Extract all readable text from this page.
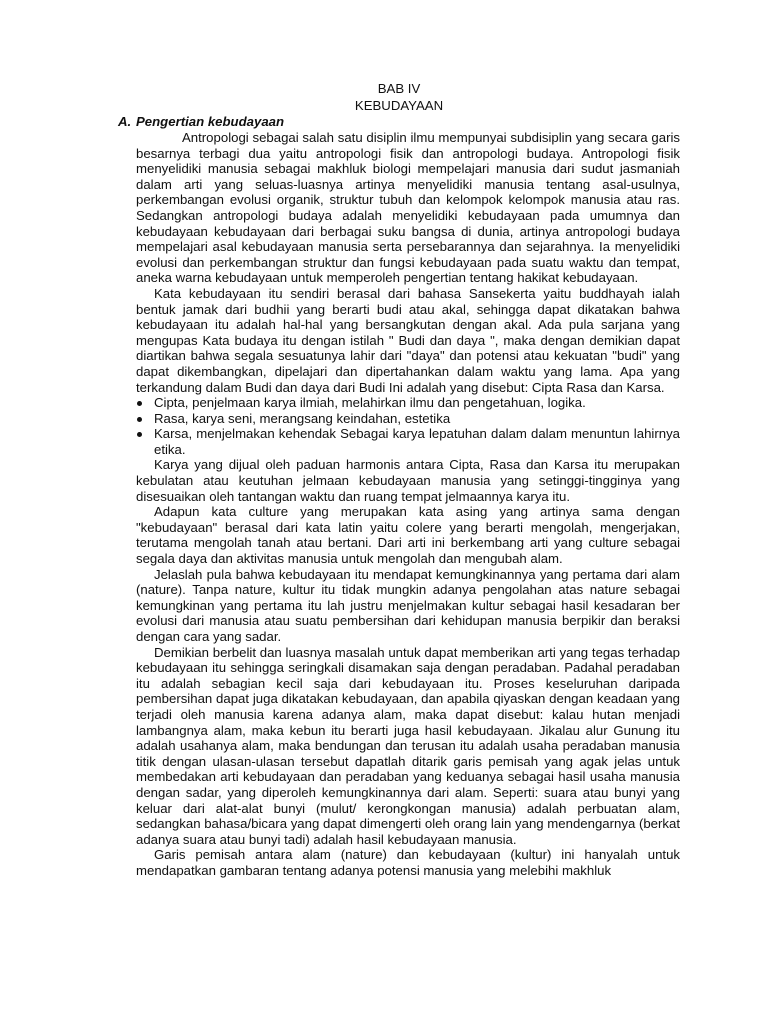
BAB IV

KEBUDAYAAN

A. Pengertian kebudayaan

Antropologi sebagai salah satu disiplin ilmu mempunyai subdisiplin yang secara garis besarnya terbagi dua yaitu antropologi fisik dan antropologi budaya. Antropologi fisik menyelidiki manusia sebagai makhluk biologi mempelajari manusia dari sudut jasmaniah dalam arti yang seluas-luasnya artinya menyelidiki manusia tentang asal-usulnya, perkembangan evolusi organik, struktur tubuh dan kelompok kelompok manusia atau ras. Sedangkan antropologi budaya adalah menyelidiki kebudayaan pada umumnya dan kebudayaan kebudayaan dari berbagai suku bangsa di dunia, artinya antropologi budaya mempelajari asal kebudayaan manusia serta persebarannya dan sejarahnya. Ia menyelidiki evolusi dan perkembangan struktur dan fungsi kebudayaan pada suatu waktu dan tempat, aneka warna kebudayaan untuk memperoleh pengertian tentang hakikat kebudayaan.

Kata kebudayaan itu sendiri berasal dari bahasa Sansekerta yaitu buddhayah ialah bentuk jamak dari budhii yang berarti budi atau akal, sehingga dapat dikatakan bahwa kebudayaan itu adalah hal-hal yang bersangkutan dengan akal. Ada pula sarjana yang mengupas Kata budaya itu dengan istilah " Budi dan daya ", maka dengan demikian dapat diartikan bahwa segala sesuatunya lahir dari "daya" dan potensi atau kekuatan "budi" yang dapat dikembangkan, dipelajari dan dipertahankan dalam waktu yang lama. Apa yang terkandung dalam Budi dan daya dari Budi Ini adalah yang disebut: Cipta Rasa dan Karsa.

Cipta, penjelmaan karya ilmiah, melahirkan ilmu dan pengetahuan, logika.
Rasa, karya seni, merangsang keindahan, estetika
Karsa, menjelmakan kehendak Sebagai karya lepatuhan dalam dalam menuntun lahirnya etika.

Karya yang dijual oleh paduan harmonis antara Cipta, Rasa dan Karsa itu merupakan kebulatan atau keutuhan jelmaan kebudayaan manusia yang setinggi-tingginya yang disesuaikan oleh tantangan waktu dan ruang tempat jelmaannya karya itu.

Adapun kata culture yang merupakan kata asing yang artinya sama dengan "kebudayaan" berasal dari kata latin yaitu colere yang berarti mengolah, mengerjakan, terutama mengolah tanah atau bertani. Dari arti ini berkembang arti yang culture sebagai segala daya dan aktivitas manusia untuk mengolah dan mengubah alam.

Jelaslah pula bahwa kebudayaan itu mendapat kemungkinannya yang pertama dari alam (nature). Tanpa nature, kultur itu tidak mungkin adanya pengolahan atas nature sebagai kemungkinan yang pertama itu lah justru menjelmakan kultur sebagai hasil kesadaran ber evolusi dari manusia atau suatu pembersihan dari kehidupan manusia berpikir dan beraksi dengan cara yang sadar.

Demikian berbelit dan luasnya masalah untuk dapat memberikan arti yang tegas terhadap kebudayaan itu sehingga seringkali disamakan saja dengan peradaban. Padahal peradaban itu adalah sebagian kecil saja dari kebudayaan itu. Proses keseluruhan daripada pembersihan dapat juga dikatakan kebudayaan, dan apabila qiyaskan dengan keadaan yang terjadi oleh manusia karena adanya alam, maka dapat disebut: kalau hutan menjadi lambangnya alam, maka kebun itu berarti juga hasil kebudayaan. Jikalau alur Gunung itu adalah usahanya alam, maka bendungan dan terusan itu adalah usaha peradaban manusia titik dengan ulasan-ulasan tersebut dapatlah ditarik garis pemisah yang agak jelas untuk membedakan arti kebudayaan dan peradaban yang keduanya sebagai hasil usaha manusia dengan sadar, yang diperoleh kemungkinannya dari alam. Seperti: suara atau bunyi yang keluar dari alat-alat bunyi (mulut/ kerongkongan manusia) adalah perbuatan alam, sedangkan bahasa/bicara yang dapat dimengerti oleh orang lain yang mendengarnya (berkat adanya suara atau bunyi tadi) adalah hasil kebudayaan manusia.

Garis pemisah antara alam (nature) dan kebudayaan (kultur) ini hanyalah untuk mendapatkan gambaran tentang adanya potensi manusia yang melebihi makhluk
